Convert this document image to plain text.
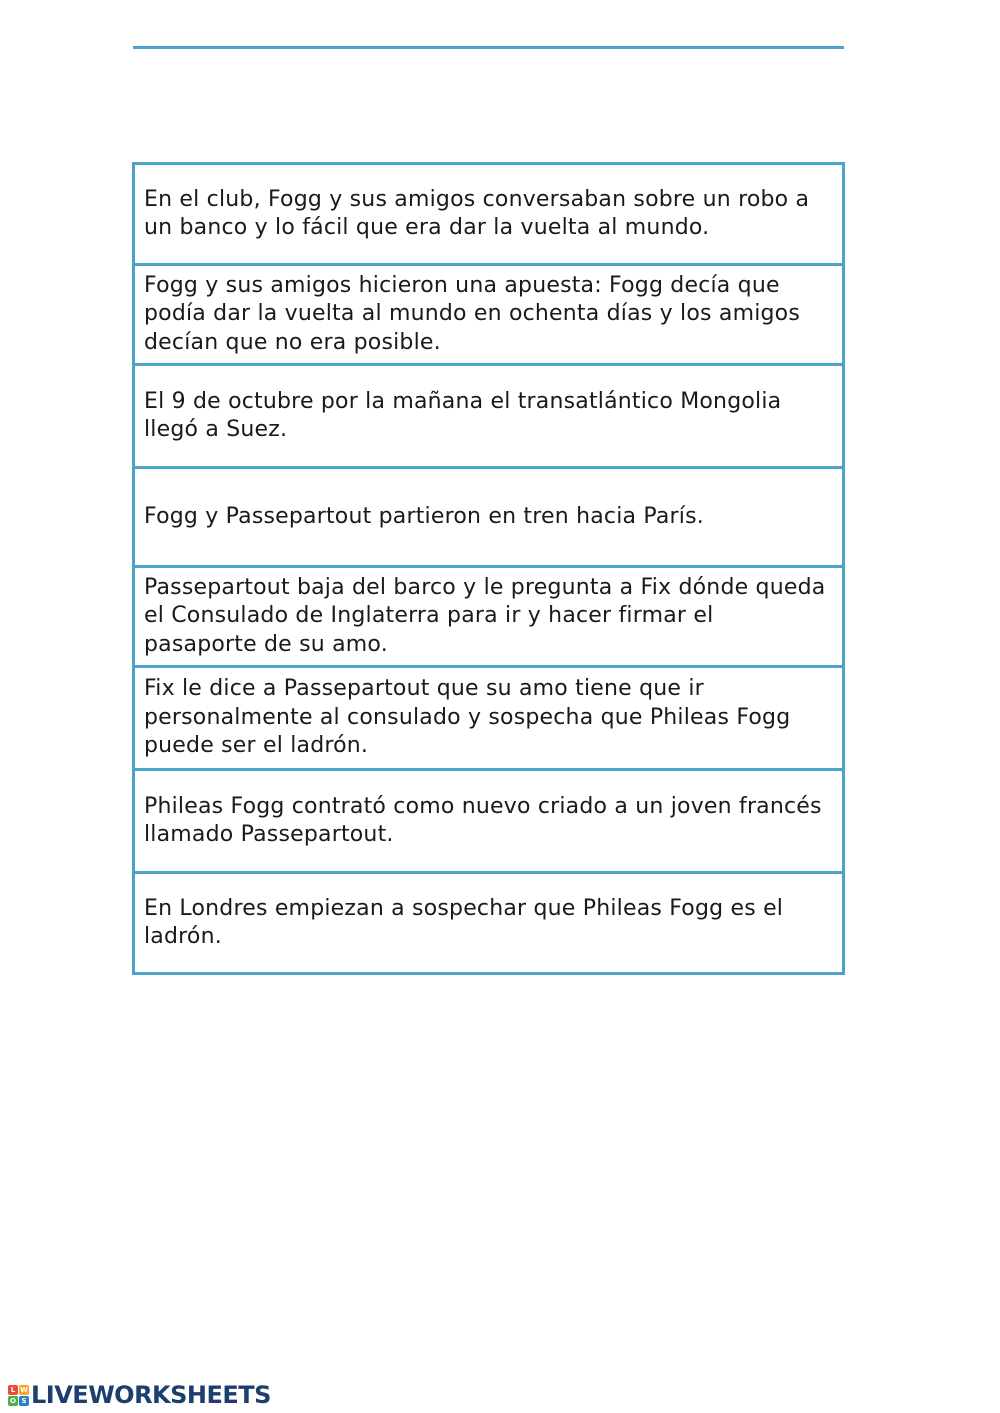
En el club, Fogg y sus amigos conversaban sobre un robo a un banco y lo fácil que era dar la vuelta al mundo.
Fogg y sus amigos hicieron una apuesta: Fogg decía que podía dar la vuelta al mundo en ochenta días y los amigos decían que no era posible.
El 9 de octubre por la mañana el transatlántico Mongolia llegó a Suez.
Fogg y Passepartout partieron en tren hacia París.
Passepartout baja del barco y le pregunta a Fix dónde queda el Consulado de Inglaterra para ir y hacer firmar el pasaporte de su amo.
Fix le dice a Passepartout que su amo tiene que ir personalmente al consulado y sospecha que Phileas Fogg puede ser el ladrón.
Phileas Fogg contrató como nuevo criado a un joven francés llamado Passepartout.
En Londres empiezan a sospechar que Phileas Fogg es el ladrón.
L W
O S LIVEWORKSHEETS
